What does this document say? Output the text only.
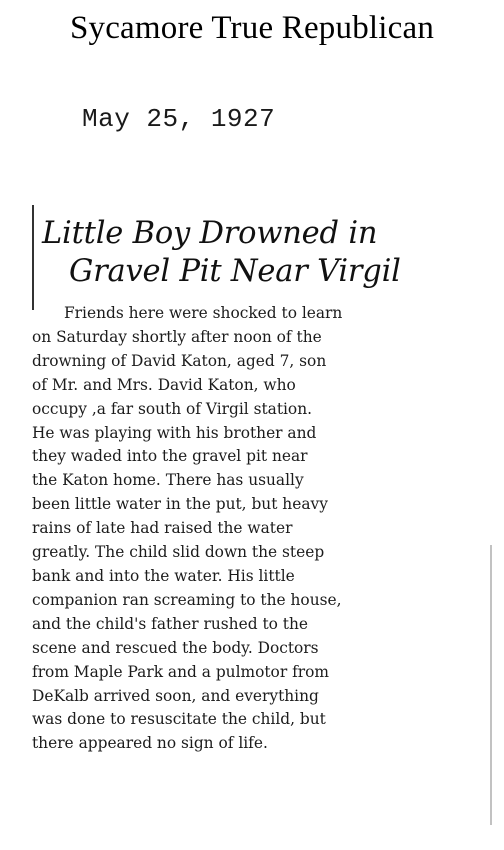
Sycamore True Republican
May 25, 1927
Little Boy Drowned in
Gravel Pit Near Virgil
Friends here were shocked to learn
on Saturday shortly after noon of the
drowning of David Katon, aged 7, son
of Mr. and Mrs. David Katon, who
occupy ,a far south of Virgil station.
He was playing with his brother and
they waded into the gravel pit near
the Katon home. There has usually
been little water in the put, but heavy
rains of late had raised the water
greatly. The child slid down the steep
bank and into the water. His little
companion ran screaming to the house,
and the child's father rushed to the
scene and rescued the body. Doctors
from Maple Park and a pulmotor from
DeKalb arrived soon, and everything
was done to resuscitate the child, but
there appeared no sign of life.
